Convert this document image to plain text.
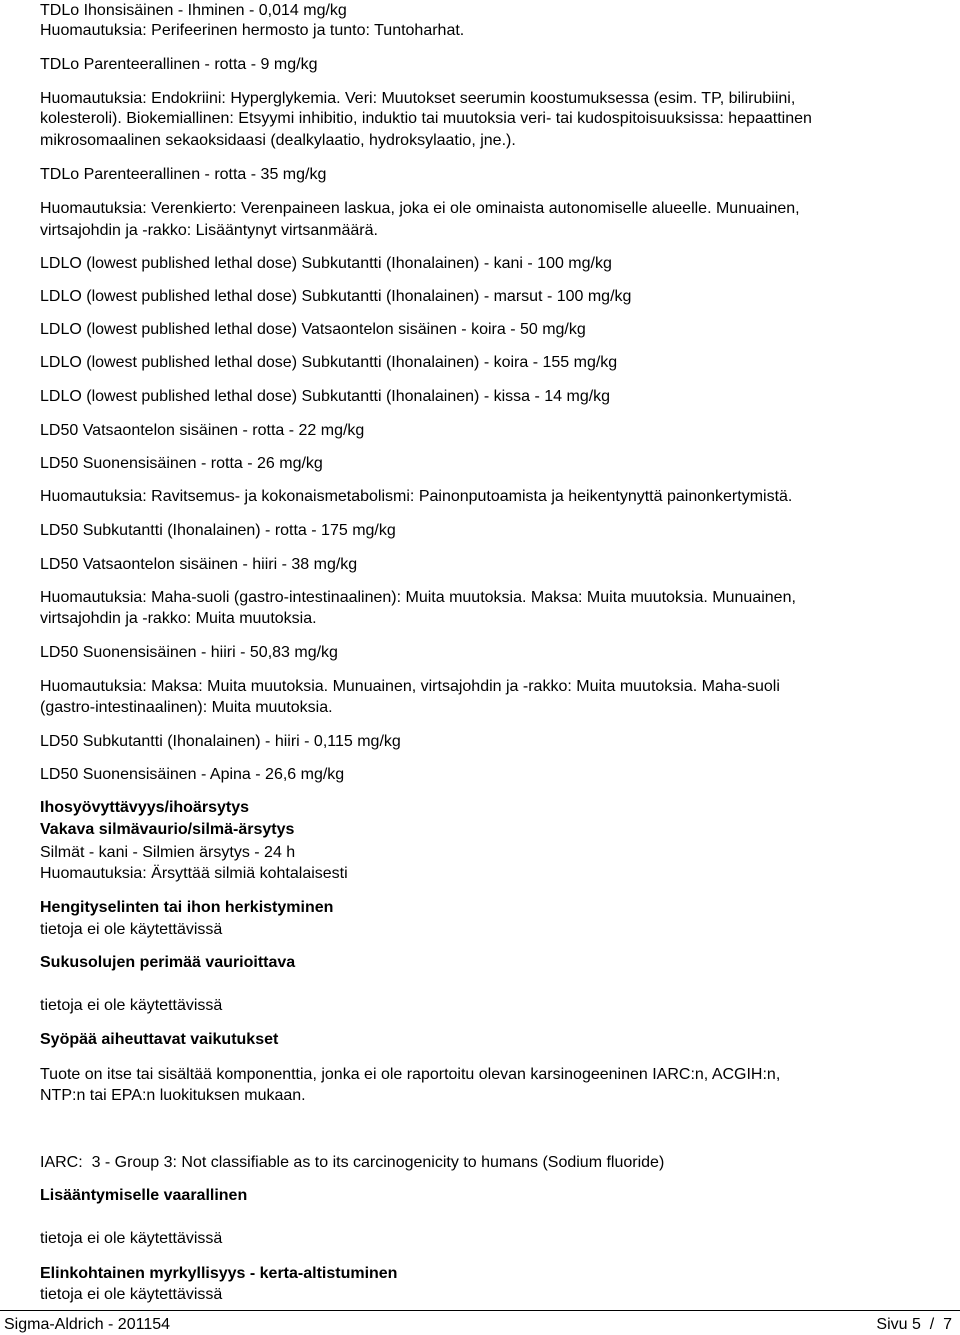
TDLo Ihonsisäinen - Ihminen - 0,014 mg/kg
Huomautuksia: Perifeerinen hermosto ja tunto: Tuntoharhat.
TDLo Parenteerallinen - rotta - 9 mg/kg
Huomautuksia: Endokriini: Hyperglykemia. Veri: Muutokset seerumin koostumuksessa (esim. TP, bilirubiini,
kolesteroli). Biokemiallinen: Etsyymi inhibitio, induktio tai muutoksia veri- tai kudospitoisuuksissa: hepaattinen
mikrosomaalinen sekaoksidaasi (dealkylaatio, hydroksylaatio, jne.).
TDLo Parenteerallinen - rotta - 35 mg/kg
Huomautuksia: Verenkierto: Verenpaineen laskua, joka ei ole ominaista autonomiselle alueelle. Munuainen,
virtsajohdin ja -rakko: Lisääntynyt virtsanmäärä.
LDLO (lowest published lethal dose) Subkutantti (Ihonalainen) - kani - 100 mg/kg
LDLO (lowest published lethal dose) Subkutantti (Ihonalainen) - marsut - 100 mg/kg
LDLO (lowest published lethal dose) Vatsaontelon sisäinen - koira - 50 mg/kg
LDLO (lowest published lethal dose) Subkutantti (Ihonalainen) - koira - 155 mg/kg
LDLO (lowest published lethal dose) Subkutantti (Ihonalainen) - kissa - 14 mg/kg
LD50 Vatsaontelon sisäinen - rotta - 22 mg/kg
LD50 Suonensisäinen - rotta - 26 mg/kg
Huomautuksia: Ravitsemus- ja kokonaismetabolismi: Painonputoamista ja heikentynyttä painonkertymistä.
LD50 Subkutantti (Ihonalainen) - rotta - 175 mg/kg
LD50 Vatsaontelon sisäinen - hiiri - 38 mg/kg
Huomautuksia: Maha-suoli (gastro-intestinaalinen): Muita muutoksia. Maksa: Muita muutoksia. Munuainen,
virtsajohdin ja -rakko: Muita muutoksia.
LD50 Suonensisäinen - hiiri - 50,83 mg/kg
Huomautuksia: Maksa: Muita muutoksia. Munuainen, virtsajohdin ja -rakko: Muita muutoksia. Maha-suoli
(gastro-intestinaalinen): Muita muutoksia.
LD50 Subkutantti (Ihonalainen) - hiiri - 0,115 mg/kg
LD50 Suonensisäinen - Apina - 26,6 mg/kg
Ihosyövyttävyys/ihoärsytys
Vakava silmävaurio/silmä-ärsytys
Silmät - kani - Silmien ärsytys - 24 h
Huomautuksia: Ärsyttää silmiä kohtalaisesti
Hengityselinten tai ihon herkistyminen
tietoja ei ole käytettävissä
Sukusolujen perimää vaurioittava
tietoja ei ole käytettävissä
Syöpää aiheuttavat vaikutukset
Tuote on itse tai sisältää komponenttia, jonka ei ole raportoitu olevan karsinogeeninen IARC:n, ACGIH:n,
NTP:n tai EPA:n luokituksen mukaan.
IARC:  3 - Group 3: Not classifiable as to its carcinogenicity to humans (Sodium fluoride)
Lisääntymiselle vaarallinen
tietoja ei ole käytettävissä
Elinkohtainen myrkyllisyys - kerta-altistuminen
tietoja ei ole käytettävissä
Sigma-Aldrich - 201154	Sivu 5  /  7
